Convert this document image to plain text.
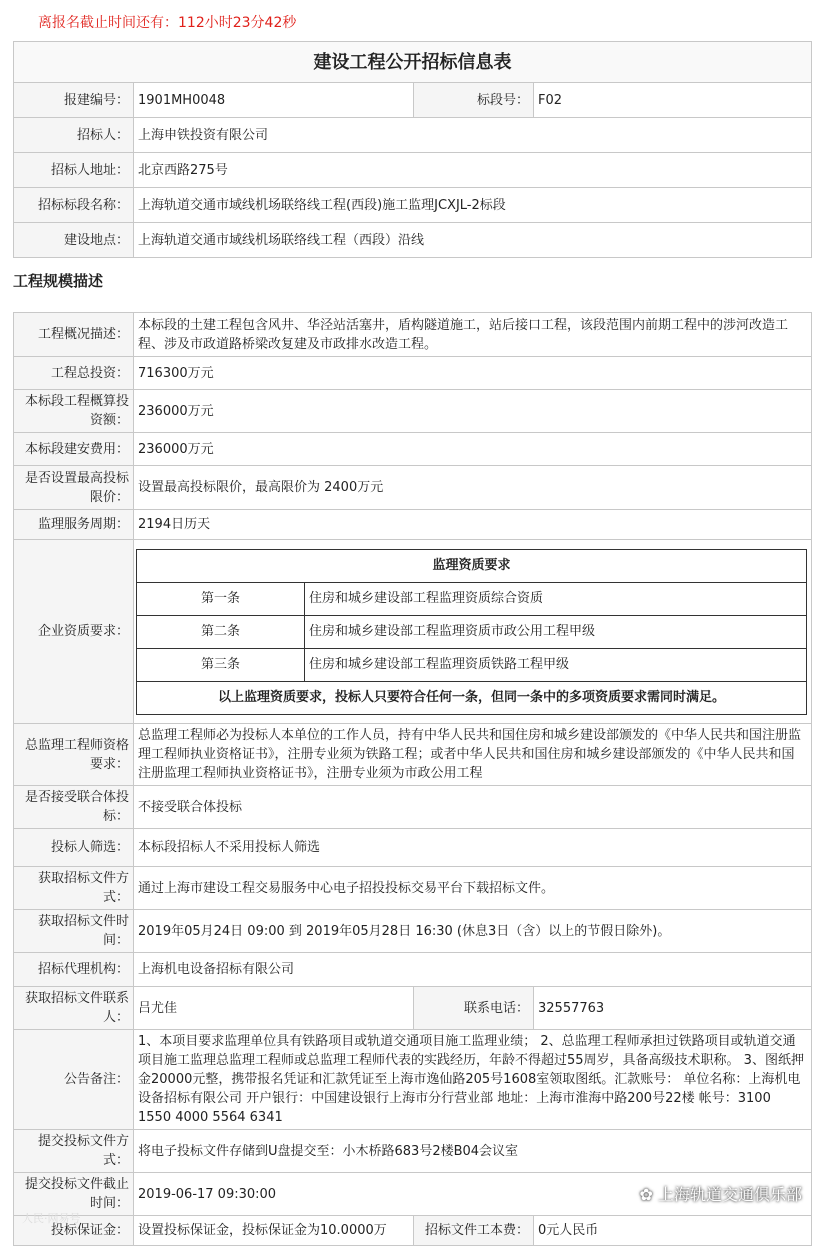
离报名截止时间还有：112小时23分42秒
建设工程公开招标信息表			
报建编号：	1901MH0048	标段号：	F02
招标人：	上海申铁投资有限公司		
招标人地址：	北京西路275号		
招标标段名称：	上海轨道交通市域线机场联络线工程(西段)施工监理JCXJL-2标段		
建设地点：	上海轨道交通市域线机场联络线工程（西段）沿线		
工程规模描述
工程概况描述：	本标段的土建工程包含风井、华泾站活塞井，盾构隧道施工，站后接口工程，该段范围内前期工程中的涉河改造工程、涉及市政道路桥梁改复建及市政排水改造工程。
工程总投资：	716300万元
本标段工程概算投资额：	236000万元
本标段建安费用：	236000万元
是否设置最高投标限价：	设置最高投标限价，最高限价为 2400万元
监理服务周期：	2194日历天
企业资质要求：	
监理资质要求
第一条	住房和城乡建设部工程监理资质综合资质
第二条	住房和城乡建设部工程监理资质市政公用工程甲级
第三条	住房和城乡建设部工程监理资质铁路工程甲级
以上监理资质要求，投标人只要符合任何一条，但同一条中的多项资质要求需同时满足。

总监理工程师资格要求：	总监理工程师必为投标人本单位的工作人员，持有中华人民共和国住房和城乡建设部颁发的《中华人民共和国注册监理工程师执业资格证书》，注册专业须为铁路工程；或者中华人民共和国住房和城乡建设部颁发的《中华人民共和国注册监理工程师执业资格证书》，注册专业须为市政公用工程
是否接受联合体投标：	不接受联合体投标
投标人筛选：	本标段招标人不采用投标人筛选
获取招标文件方式：	通过上海市建设工程交易服务中心电子招投投标交易平台下载招标文件。
获取招标文件时间：	2019年05月24日 09:00 到 2019年05月28日 16:30 (休息3日（含）以上的节假日除外)。
招标代理机构：	上海机电设备招标有限公司
获取招标文件联系人：	吕尤佳	联系电话：	32557763
公告备注：	1、本项目要求监理单位具有铁路项目或轨道交通项目施工监理业绩； 2、总监理工程师承担过铁路项目或轨道交通项目施工监理总监理工程师或总监理工程师代表的实践经历，年龄不得超过55周岁，具备高级技术职称。 3、图纸押金20000元整，携带报名凭证和汇款凭证至上海市逸仙路205号1608室领取图纸。汇款账号： 单位名称：上海机电设备招标有限公司 开户银行：中国建设银行上海市分行营业部 地址：上海市淮海中路200号22楼 帐号：3100 1550 4000 5564 6341
提交投标文件方式：	将电子投标文件存储到U盘提交至：小木桥路683号2楼B04会议室
提交投标文件截止时间：	2019-06-17 09:30:00
投标保证金：	设置投标保证金，投标保证金为10.0000万	招标文件工本费：	0元人民币
✿ 上海轨道交通俱乐部
人民·网易号
